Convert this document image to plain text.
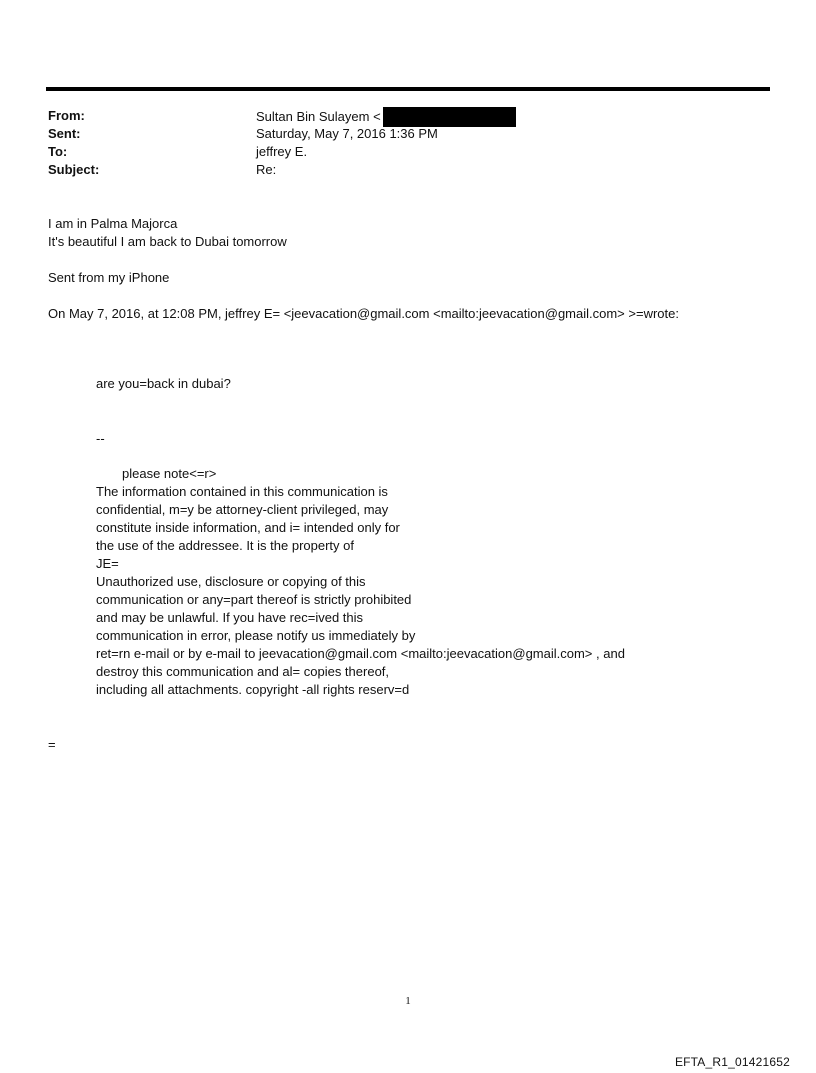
From:	Sultan Bin Sulayem <
Sent:	Saturday, May 7, 2016 1:36 PM
To:	jeffrey E.
Subject:	Re:
I am in Palma Majorca
It's beautiful I am back to Dubai tomorrow
Sent from my iPhone
On May 7, 2016, at 12:08 PM, jeffrey E= <jeevacation@gmail.com <mailto:jeevacation@gmail.com> >=wrote:
are you=back in dubai?
--
please note<=r>
The information contained in this communication is
confidential, m=y be attorney-client privileged, may
constitute inside information, and i= intended only for
the use of the addressee. It is the property of
JE=
Unauthorized use, disclosure or copying of this
communication or any=part thereof is strictly prohibited
and may be unlawful. If you have rec=ived this
communication in error, please notify us immediately by
ret=rn e-mail or by e-mail to jeevacation@gmail.com <mailto:jeevacation@gmail.com> , and
destroy this communication and al= copies thereof,
including all attachments. copyright -all rights reserv=d
=
1
EFTA_R1_01421652
